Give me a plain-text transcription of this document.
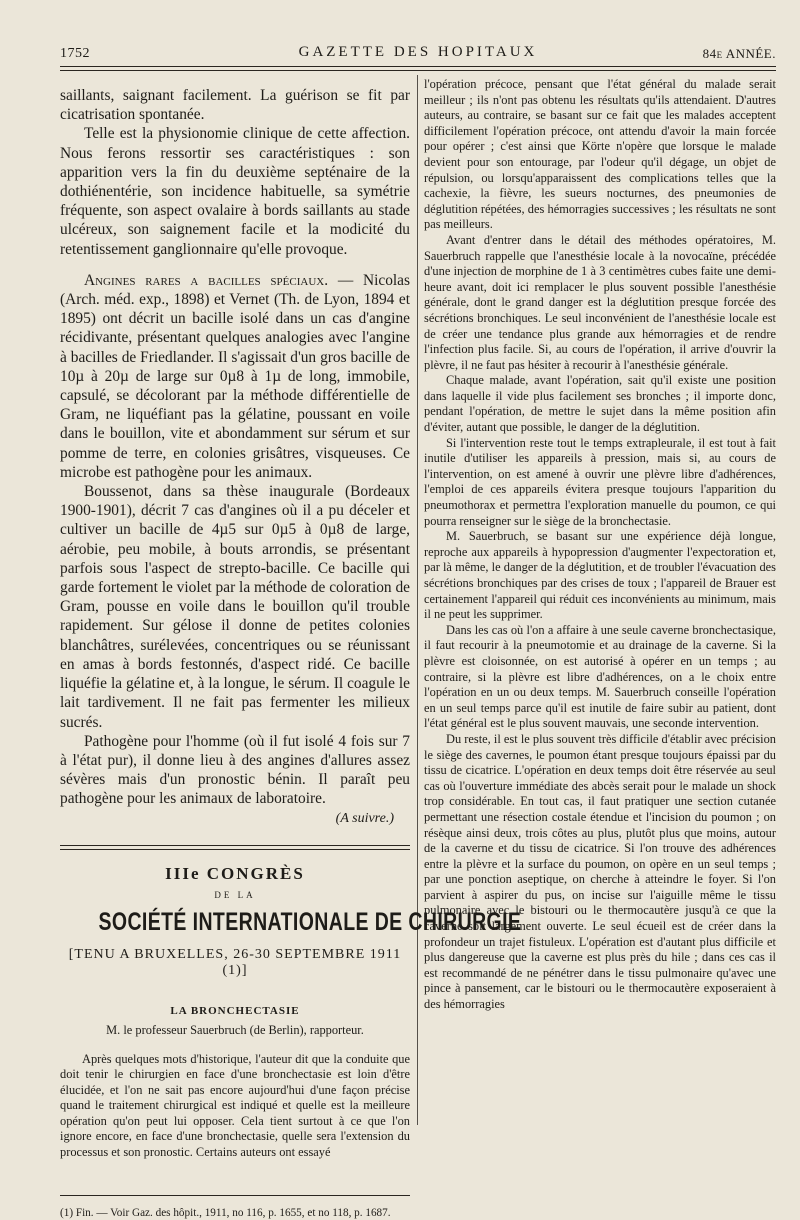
1752	GAZETTE DES HOPITAUX	84e ANNÉE.

saillants, saignant facilement. La guérison se fit par cicatrisation spontanée.

Telle est la physionomie clinique de cette affection. Nous ferons ressortir ses caractéristiques : son apparition vers la fin du deuxième septénaire de la dothiénentérie, son incidence habituelle, sa symétrie fréquente, son aspect ovalaire à bords saillants au stade ulcéreux, son saignement facile et la modicité du retentissement ganglionnaire qu'elle provoque.

Angines rares a bacilles spéciaux. — Nicolas (Arch. méd. exp., 1898) et Vernet (Th. de Lyon, 1894 et 1895) ont décrit un bacille isolé dans un cas d'angine récidivante, présentant quelques analogies avec l'angine à bacilles de Friedlander. Il s'agissait d'un gros bacille de 10µ à 20µ de large sur 0µ8 à 1µ de long, immobile, capsulé, se décolorant par la méthode différentielle de Gram, ne liquéfiant pas la gélatine, poussant en voile dans le bouillon, vite et abondamment sur sérum et sur pomme de terre, en colonies grisâtres, visqueuses. Ce microbe est pathogène pour les animaux.

Boussenot, dans sa thèse inaugurale (Bordeaux 1900-1901), décrit 7 cas d'angines où il a pu déceler et cultiver un bacille de 4µ5 sur 0µ5 à 0µ8 de large, aérobie, peu mobile, à bouts arrondis, se présentant parfois sous l'aspect de strepto-bacille. Ce bacille qui garde fortement le violet par la méthode de coloration de Gram, pousse en voile dans le bouillon qu'il trouble rapidement. Sur gélose il donne de petites colonies blanchâtres, surélevées, concentriques ou se réunissant en amas à bords festonnés, d'aspect ridé. Ce bacille liquéfie la gélatine et, à la longue, le sérum. Il coagule le lait tardivement. Il ne fait pas fermenter les milieux sucrés.

Pathogène pour l'homme (où il fut isolé 4 fois sur 7 à l'état pur), il donne lieu à des angines d'allures assez sévères mais d'un pronostic bénin. Il paraît peu pathogène pour les animaux de laboratoire.

(A suivre.)
IIIe CONGRÈS
DE LA
SOCIÉTÉ INTERNATIONALE DE CHIRURGIE
[TENU A BRUXELLES, 26-30 SEPTEMBRE 1911 (1)]
LA BRONCHECTASIE
M. le professeur Sauerbruch (de Berlin), rapporteur.

Après quelques mots d'historique, l'auteur dit que la conduite que doit tenir le chirurgien en face d'une bronchectasie est loin d'être élucidée, et l'on ne sait pas encore aujourd'hui d'une façon précise quand le traitement chirurgical est indiqué et quelle est la meilleure opération qu'on peut lui opposer. Cela tient surtout à ce que l'on ignore encore, en face d'une bronchectasie, quelle sera l'extension du processus et son pronostic. Certains auteurs ont essayé

(1) Fin. — Voir Gaz. des hôpit., 1911, no 116, p. 1655, et no 118, p. 1687.

l'opération précoce, pensant que l'état général du malade serait meilleur ; ils n'ont pas obtenu les résultats qu'ils attendaient. D'autres auteurs, au contraire, se basant sur ce fait que les malades acceptent difficilement l'opération précoce, ont attendu d'avoir la main forcée pour opérer ; c'est ainsi que Körte n'opère que lorsque le malade devient pour son entourage, par l'odeur qu'il dégage, un objet de répulsion, ou lorsqu'apparaissent des complications telles que la cachexie, la fièvre, les sueurs nocturnes, des pneumonies de déglutition répétées, des hémorragies successives ; les résultats ne sont pas meilleurs.

Avant d'entrer dans le détail des méthodes opératoires, M. Sauerbruch rappelle que l'anesthésie locale à la novocaïne, précédée d'une injection de morphine de 1 à 3 centimètres cubes faite une demi-heure avant, doit ici remplacer le plus souvent possible l'anesthésie générale, dont le grand danger est la déglutition presque forcée des sécrétions bronchiques. Le seul inconvénient de l'anesthésie locale est de créer une tendance plus grande aux hémorragies et de rendre l'infection plus facile. Si, au cours de l'opération, il arrive d'ouvrir la plèvre, il ne faut pas hésiter à recourir à l'anesthésie générale.

Chaque malade, avant l'opération, sait qu'il existe une position dans laquelle il vide plus facilement ses bronches ; il importe donc, pendant l'opération, de mettre le sujet dans la même position afin d'éviter, autant que possible, le danger de la déglutition.

Si l'intervention reste tout le temps extrapleurale, il est tout à fait inutile d'utiliser les appareils à pression, mais si, au cours de l'intervention, on est amené à ouvrir une plèvre libre d'adhérences, l'emploi de ces appareils évitera presque toujours l'apparition du pneumothorax et permettra l'exploration manuelle du poumon, ce qui pourra renseigner sur le siège de la bronchectasie.

M. Sauerbruch, se basant sur une expérience déjà longue, reproche aux appareils à hypopression d'augmenter l'expectoration et, par là même, le danger de la déglutition, et de troubler l'évacuation des sécrétions bronchiques par des crises de toux ; l'appareil de Brauer est certainement l'appareil qui réduit ces inconvénients au minimum, mais il ne peut les supprimer.

Dans les cas où l'on a affaire à une seule caverne bronchectasique, il faut recourir à la pneumotomie et au drainage de la caverne. Si la plèvre est cloisonnée, on est autorisé à opérer en un temps ; au contraire, si la plèvre est libre d'adhérences, on a le choix entre l'opération en un ou deux temps. M. Sauerbruch conseille l'opération en un seul temps parce qu'il est inutile de faire subir au patient, dont l'état général est le plus souvent mauvais, une seconde intervention.

Du reste, il est le plus souvent très difficile d'établir avec précision le siège des cavernes, le poumon étant presque toujours épaissi par du tissu de cicatrice. L'opération en deux temps doit être réservée au seul cas où l'ouverture immédiate des abcès serait pour le malade un shock trop considérable. En tout cas, il faut pratiquer une section cutanée permettant une résection costale étendue et l'incision du poumon ; on résèque ainsi deux, trois côtes au plus, plutôt plus que moins, autour de la caverne et du tissu de cicatrice. Si l'on trouve des adhérences entre la plèvre et la surface du poumon, on opère en un seul temps ; par une ponction aseptique, on cherche à atteindre le foyer. Si l'on parvient à aspirer du pus, on incise sur l'aiguille même le tissu pulmonaire avec le bistouri ou le thermocautère jusqu'à ce que la caverne soit largement ouverte. Le seul écueil est de créer dans la profondeur un trajet fistuleux. L'opération est d'autant plus difficile et plus dangereuse que la caverne est plus près du hile ; dans ces cas il est recommandé de ne pénétrer dans le tissu pulmonaire qu'avec une pince à pansement, car le bistouri ou le thermocautère exposeraient à des hémorragies
